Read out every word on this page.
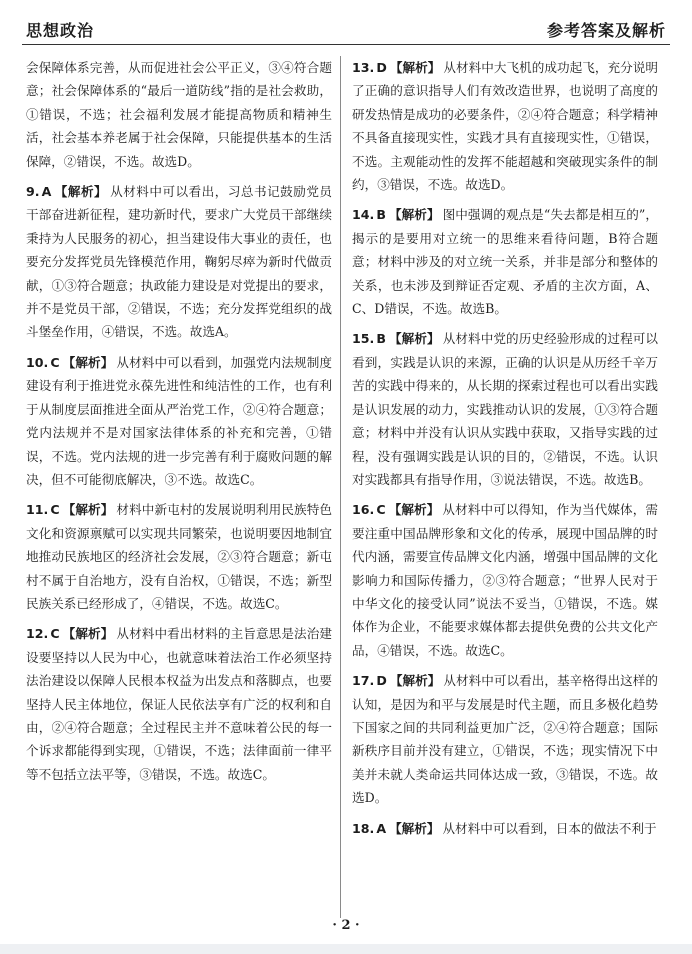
思想政治	参考答案及解析
会保障体系完善，从而促进社会公平正义，③④符合题意；社会保障体系的“最后一道防线”指的是社会救助，①错误，不选；社会福利发展才能提高物质和精神生活，社会基本养老属于社会保障，只能提供基本的生活保障，②错误，不选。故选D。
9. A 【解析】 从材料中可以看出，习总书记鼓励党员干部奋进新征程，建功新时代，要求广大党员干部继续秉持为人民服务的初心，担当建设伟大事业的责任，也要充分发挥党员先锋模范作用，鞠躬尽瘁为新时代做贡献，①③符合题意；执政能力建设是对党提出的要求，并不是党员干部，②错误，不选；充分发挥党组织的战斗堡垒作用，④错误，不选。故选A。
10. C 【解析】 从材料中可以看到，加强党内法规制度建设有利于推进党永葆先进性和纯洁性的工作，也有利于从制度层面推进全面从严治党工作，②④符合题意；党内法规并不是对国家法律体系的补充和完善，①错误，不选。党内法规的进一步完善有利于腐败问题的解决，但不可能彻底解决，③不选。故选C。
11. C 【解析】 材料中新屯村的发展说明利用民族特色文化和资源禀赋可以实现共同繁荣，也说明要因地制宜地推动民族地区的经济社会发展，②③符合题意；新屯村不属于自治地方，没有自治权，①错误，不选；新型民族关系已经形成了，④错误，不选。故选C。
12. C 【解析】 从材料中看出材料的主旨意思是法治建设要坚持以人民为中心，也就意味着法治工作必须坚持法治建设以保障人民根本权益为出发点和落脚点，也要坚持人民主体地位，保证人民依法享有广泛的权利和自由，②④符合题意；全过程民主并不意味着公民的每一个诉求都能得到实现，①错误，不选；法律面前一律平等不包括立法平等，③错误，不选。故选C。
13. D 【解析】 从材料中大飞机的成功起飞，充分说明了正确的意识指导人们有效改造世界，也说明了高度的研发热情是成功的必要条件，②④符合题意；科学精神不具备直接现实性，实践才具有直接现实性，①错误，不选。主观能动性的发挥不能超越和突破现实条件的制约，③错误，不选。故选D。
14. B 【解析】 图中强调的观点是“失去都是相互的”，揭示的是要用对立统一的思维来看待问题，B符合题意；材料中涉及的对立统一关系，并非是部分和整体的关系，也未涉及到辩证否定观、矛盾的主次方面，A、C、D错误，不选。故选B。
15. B 【解析】 从材料中党的历史经验形成的过程可以看到，实践是认识的来源，正确的认识是从历经千辛万苦的实践中得来的，从长期的探索过程也可以看出实践是认识发展的动力，实践推动认识的发展，①③符合题意；材料中并没有认识从实践中获取，又指导实践的过程，没有强调实践是认识的目的，②错误，不选。认识对实践都具有指导作用，③说法错误，不选。故选B。
16. C 【解析】 从材料中可以得知，作为当代媒体，需要注重中国品牌形象和文化的传承，展现中国品牌的时代内涵，需要宣传品牌文化内涵，增强中国品牌的文化影响力和国际传播力，②③符合题意；“世界人民对于中华文化的接受认同”说法不妥当，①错误，不选。媒体作为企业，不能要求媒体都去提供免费的公共文化产品，④错误，不选。故选C。
17. D 【解析】 从材料中可以看出，基辛格得出这样的认知，是因为和平与发展是时代主题，而且多极化趋势下国家之间的共同利益更加广泛，②④符合题意；国际新秩序目前并没有建立，①错误，不选；现实情况下中美并未就人类命运共同体达成一致，③错误，不选。故选D。
18. A 【解析】 从材料中可以看到，日本的做法不利于
· 2 ·
